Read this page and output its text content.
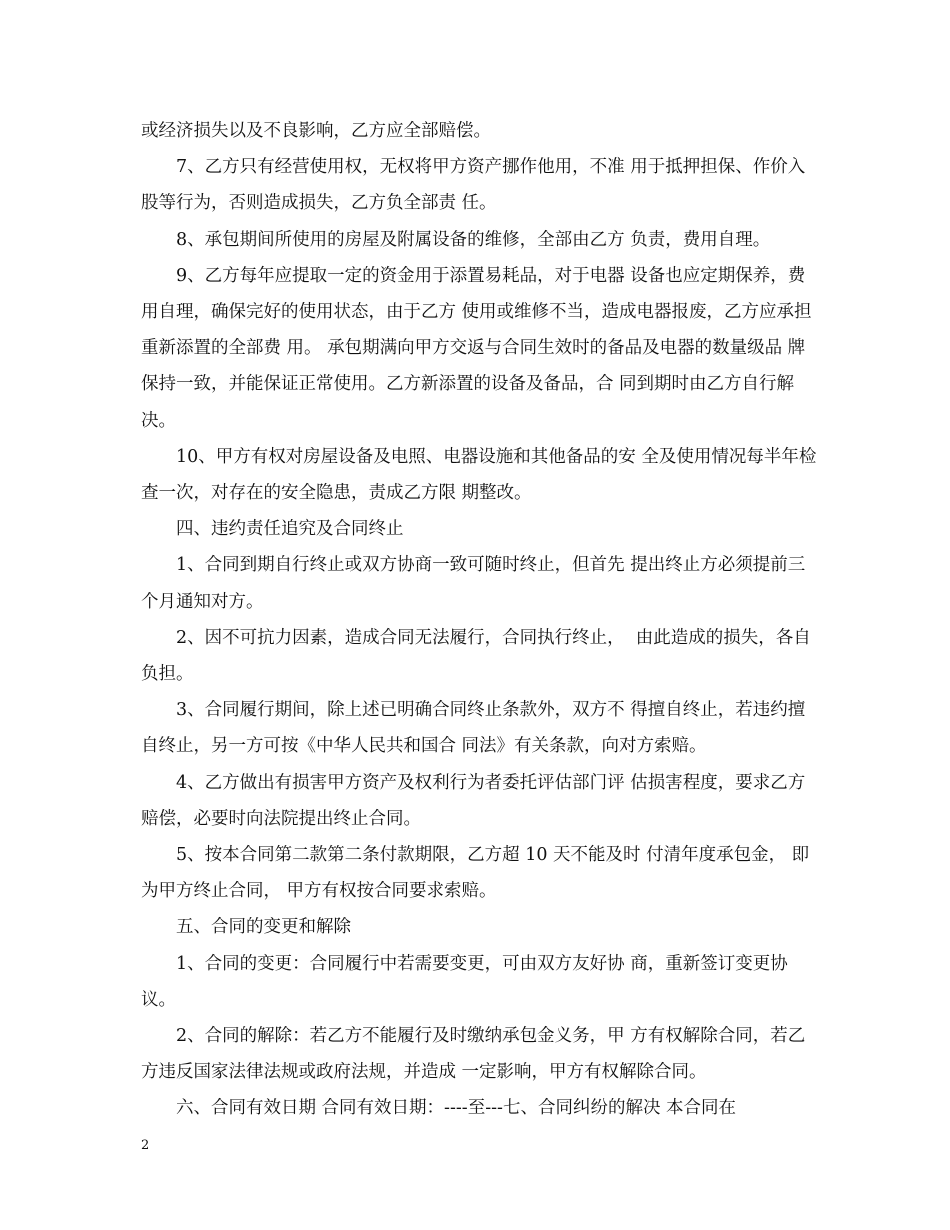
或经济损失以及不良影响，乙方应全部赔偿。

7、乙方只有经营使用权，无权将甲方资产挪作他用，不准 用于抵押担保、作价入股等行为，否则造成损失，乙方负全部责 任。

8、承包期间所使用的房屋及附属设备的维修，全部由乙方 负责，费用自理。

9、乙方每年应提取一定的资金用于添置易耗品，对于电器 设备也应定期保养，费用自理，确保完好的使用状态，由于乙方 使用或维修不当，造成电器报废，乙方应承担重新添置的全部费 用。 承包期满向甲方交返与合同生效时的备品及电器的数量级品 牌保持一致，并能保证正常使用。乙方新添置的设备及备品，合 同到期时由乙方自行解决。

10、甲方有权对房屋设备及电照、电器设施和其他备品的安 全及使用情况每半年检查一次，对存在的安全隐患，责成乙方限 期整改。

四、违约责任追究及合同终止

1、合同到期自行终止或双方协商一致可随时终止，但首先 提出终止方必须提前三个月通知对方。

2、因不可抗力因素，造成合同无法履行，合同执行终止，  由此造成的损失，各自负担。

3、合同履行期间，除上述已明确合同终止条款外，双方不 得擅自终止，若违约擅自终止，另一方可按《中华人民共和国合 同法》有关条款，向对方索赔。

4、乙方做出有损害甲方资产及权利行为者委托评估部门评 估损害程度，要求乙方赔偿，必要时向法院提出终止合同。

5、按本合同第二款第二条付款期限，乙方超 10 天不能及时 付清年度承包金， 即为甲方终止合同， 甲方有权按合同要求索赔。

五、合同的变更和解除

1、合同的变更：合同履行中若需要变更，可由双方友好协 商，重新签订变更协议。

2、合同的解除：若乙方不能履行及时缴纳承包金义务，甲 方有权解除合同，若乙方违反国家法律法规或政府法规，并造成 一定影响，甲方有权解除合同。

六、合同有效日期 合同有效日期：----至---七、合同纠纷的解决 本合同在

2
